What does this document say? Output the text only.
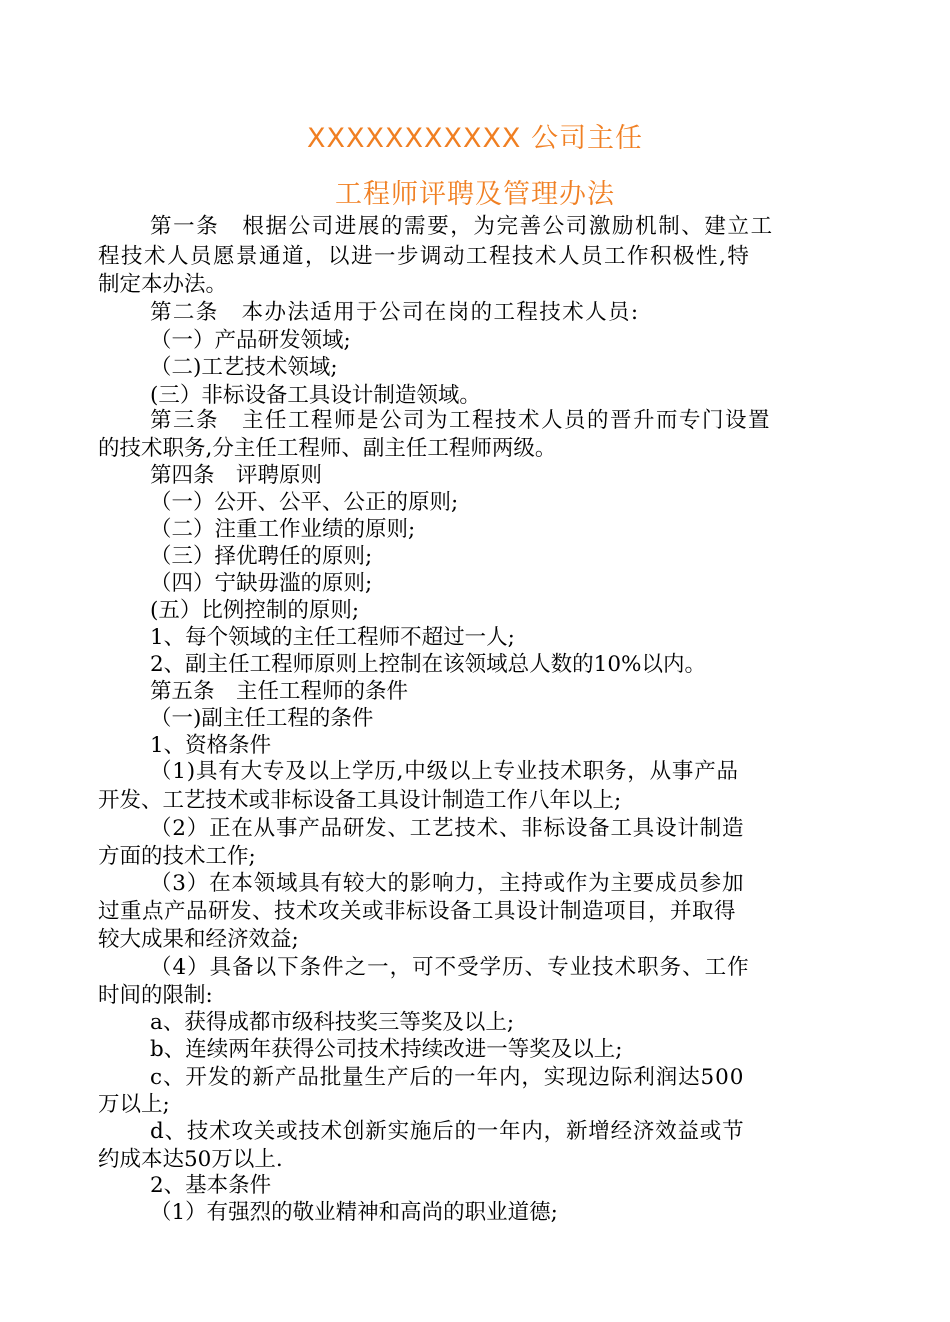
XXXXXXXXXXX 公司主任
工程师评聘及管理办法
第一条　根据公司进展的需要，为完善公司激励机制、建立工
程技术人员愿景通道，以进一步调动工程技术人员工作积极性,特
制定本办法。
第二条　本办法适用于公司在岗的工程技术人员:
（一）产品研发领域;
（二)工艺技术领域;
(三）非标设备工具设计制造领域。
第三条　主任工程师是公司为工程技术人员的晋升而专门设置
的技术职务,分主任工程师、副主任工程师两级。
第四条　评聘原则
（一）公开、公平、公正的原则;
（二）注重工作业绩的原则;
（三）择优聘任的原则;
（四）宁缺毋滥的原则;
(五）比例控制的原则;
1、每个领域的主任工程师不超过一人;
2、副主任工程师原则上控制在该领域总人数的10%以内。
第五条　主任工程师的条件
（一)副主任工程的条件
1、资格条件
（1)具有大专及以上学历,中级以上专业技术职务，从事产品
开发、工艺技术或非标设备工具设计制造工作八年以上;
（2）正在从事产品研发、工艺技术、非标设备工具设计制造
方面的技术工作;
（3）在本领域具有较大的影响力，主持或作为主要成员参加
过重点产品研发、技术攻关或非标设备工具设计制造项目，并取得
较大成果和经济效益;
（4）具备以下条件之一，可不受学历、专业技术职务、工作
时间的限制:
a、获得成都市级科技奖三等奖及以上;
b、连续两年获得公司技术持续改进一等奖及以上;
c、开发的新产品批量生产后的一年内，实现边际利润达500
万以上;
d、技术攻关或技术创新实施后的一年内，新增经济效益或节
约成本达50万以上.
2、基本条件
（1）有强烈的敬业精神和高尚的职业道德;
